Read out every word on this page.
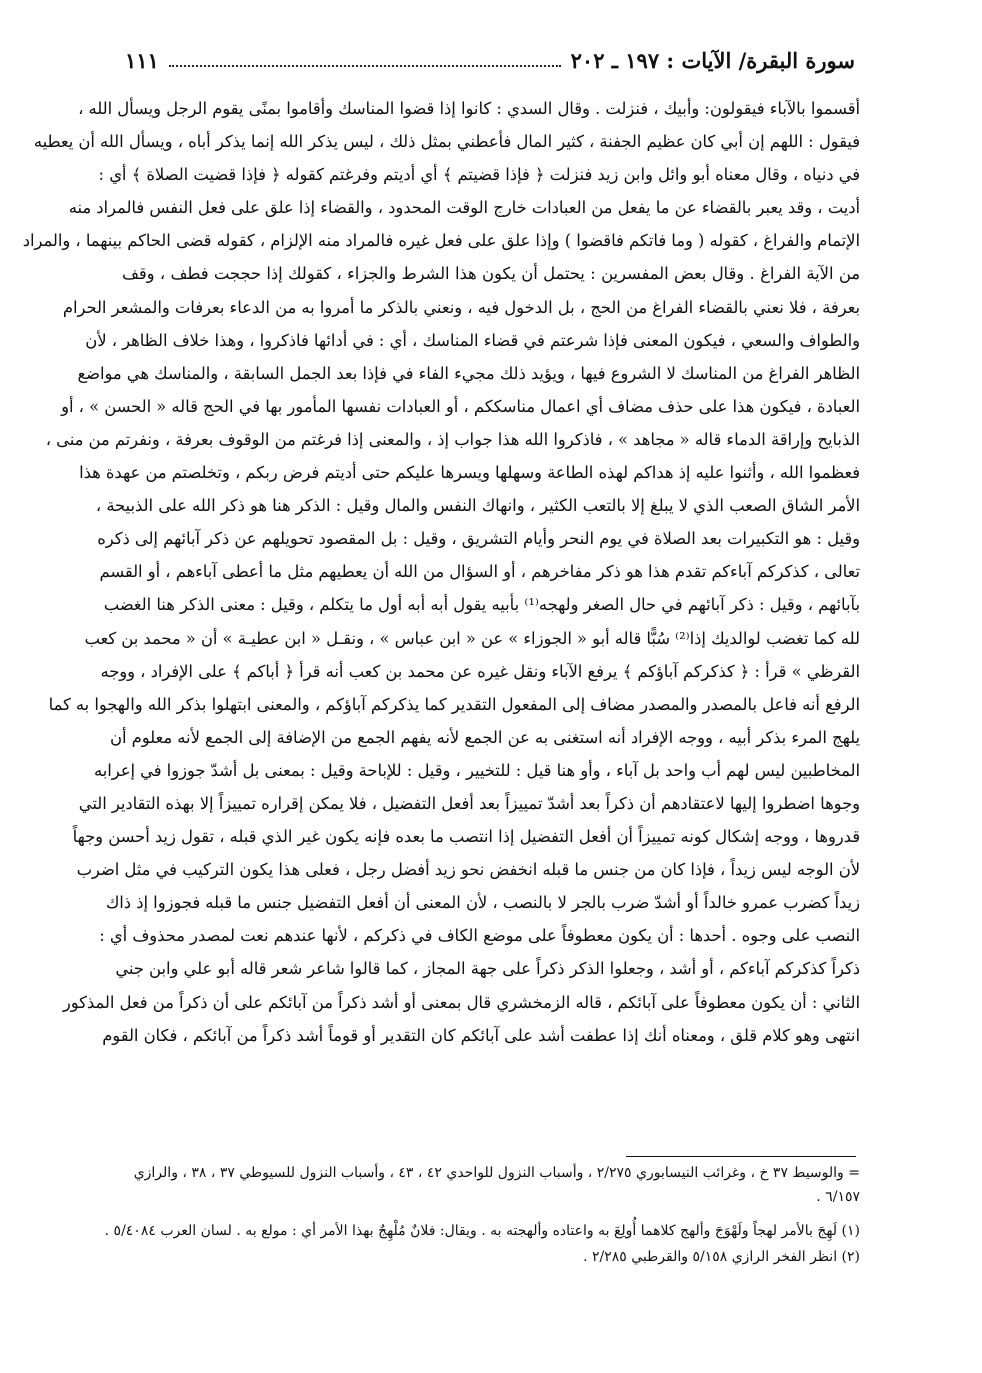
سورة البقرة/ الآيات : ١٩٧ ـ ٢٠٢
١١١
أقسموا بالآباء فيقولون: وأبيك ، فنزلت . وقال السدي : كانوا إذا قضوا المناسك وأقاموا بمنًى يقوم الرجل ويسأل الله ،
فيقول : اللهم إن أبي كان عظيم الجفنة ، كثير المال فأعطني بمثل ذلك ، ليس يذكر الله إنما يذكر أباه ، ويسأل الله أن يعطيه
في دنياه ، وقال معناه أبو وائل وابن زيد فنزلت ﴿ فإذا قضيتم ﴾ أي أديتم وفرغتم كقوله ﴿ فإذا قضيت الصلاة ﴾ أي :
أديت ، وقد يعبر بالقضاء عن ما يفعل من العبادات خارج الوقت المحدود ، والقضاء إذا علق على فعل النفس فالمراد منه
الإتمام والفراغ ، كقوله ( وما فاتكم فاقضوا ) وإذا علق على فعل غيره فالمراد منه الإلزام ، كقوله قضى الحاكم بينهما ، والمراد
من الآية الفراغ . وقال بعض المفسرين : يحتمل أن يكون هذا الشرط والجزاء ، كقولك إذا حججت فطف ، وقف
بعرفة ، فلا نعني بالقضاء الفراغ من الحج ، بل الدخول فيه ، ونعني بالذكر ما أمروا به من الدعاء بعرفات والمشعر الحرام
والطواف والسعي ، فيكون المعنى فإذا شرعتم في قضاء المناسك ، أي : في أدائها فاذكروا ، وهذا خلاف الظاهر ، لأن
الظاهر الفراغ من المناسك لا الشروع فيها ، ويؤيد ذلك مجيء الفاء في فإذا بعد الجمل السابقة ، والمناسك هي مواضع
العبادة ، فيكون هذا على حذف مضاف أي اعمال مناسككم ، أو العبادات نفسها المأمور بها في الحج قاله « الحسن » ، أو
الذبايح وإراقة الدماء قاله « مجاهد » ، فاذكروا الله هذا جواب إذ ، والمعنى إذا فرغتم من الوقوف بعرفة ، ونفرتم من منى ،
فعظموا الله ، وأثنوا عليه إذ هداكم لهذه الطاعة وسهلها ويسرها عليكم حتى أديتم فرض ربكم ، وتخلصتم من عهدة هذا
الأمر الشاق الصعب الذي لا يبلغ إلا بالتعب الكثير ، وانهاك النفس والمال وقيل : الذكر هنا هو ذكر الله على الذبيحة ،
وقيل : هو التكبيرات بعد الصلاة في يوم النحر وأيام التشريق ، وقيل : بل المقصود تحويلهم عن ذكر آبائهم إلى ذكره
تعالى ، كذكركم آباءكم تقدم هذا هو ذكر مفاخرهم ، أو السؤال من الله أن يعطيهم مثل ما أعطى آباءهم ، أو القسم
بآبائهم ، وقيل : ذكر آبائهم في حال الصغر ولهجه⁽¹⁾ بأبيه يقول أبه أبه أول ما يتكلم ، وقيل : معنى الذكر هنا الغضب
لله كما تغضب لوالديك إذا⁽²⁾ سُبًّا قاله أبو « الجوزاء » عن « ابن عباس » ، ونقـل « ابن عطيـة » أن « محمد بن كعب
القرظي » قرأ : ﴿ كذكركم آباؤكم ﴾ يرفع الآباء ونقل غيره عن محمد بن كعب أنه قرأ ﴿ أباكم ﴾ على الإفراد ، ووجه
الرفع أنه فاعل بالمصدر والمصدر مضاف إلى المفعول التقدير كما يذكركم آباؤكم ، والمعنى ابتهلوا بذكر الله والهجوا به كما
يلهج المرء بذكر أبيه ، ووجه الإفراد أنه استغنى به عن الجمع لأنه يفهم الجمع من الإضافة إلى الجمع لأنه معلوم أن
المخاطبين ليس لهم أب واحد بل آباء ، وأو هنا قيل : للتخيير ، وقيل : للإباحة وقيل : بمعنى بل أشدّ جوزوا في إعرابه
وجوها اضطروا إليها لاعتقادهم أن ذكراً بعد أشدّ تمييزاً بعد أفعل التفضيل ، فلا يمكن إقراره تمييزاً إلا بهذه التقادير التي
قدروها ، ووجه إشكال كونه تمييزاً أن أفعل التفضيل إذا انتصب ما بعده فإنه يكون غير الذي قبله ، تقول زيد أحسن وجهاً
لأن الوجه ليس زيداً ، فإذا كان من جنس ما قبله انخفض نحو زيد أفضل رجل ، فعلى هذا يكون التركيب في مثل اضرب
زيداً كضرب عمرو خالداً أو أشدّ ضرب بالجر لا بالنصب ، لأن المعنى أن أفعل التفضيل جنس ما قبله فجوزوا إذ ذاك
النصب على وجوه . أحدها : أن يكون معطوفاً على موضع الكاف في ذكركم ، لأنها عندهم نعت لمصدر محذوف أي :
ذكراً كذكركم آباءكم ، أو أشد ، وجعلوا الذكر ذكراً على جهة المجاز ، كما قالوا شاعر شعر قاله أبو علي وابن جني
الثاني : أن يكون معطوفاً على آبائكم ، قاله الزمخشري قال بمعنى أو أشد ذكراً من آبائكم على أن ذكراً من فعل المذكور
انتهى وهو كلام قلق ، ومعناه أنك إذا عطفت أشد على آبائكم كان التقدير أو قوماً أشد ذكراً من آبائكم ، فكان القوم
= والوسيط ٣٧ خ ، وغرائب النيسابوري ٢/٢٧٥ ، وأسباب النزول للواحدي ٤٢ ، ٤٣ ، وأسباب النزول للسيوطي ٣٧ ، ٣٨ ، والرازي
٦/١٥٧ .
(١) لَهِجَ بالأمر لهجاً ولَهْوَجَ وألهج كلاهما أُولِعَ به واعتاده وألهجته به . ويقال: فلانٌ مُلْهِجٌ بهذا الأمر أي : مولع به . لسان العرب ٥/٤٠٨٤ .
(٢) انظر الفخر الرازي ٥/١٥٨ والقرطبي ٢/٢٨٥ .
